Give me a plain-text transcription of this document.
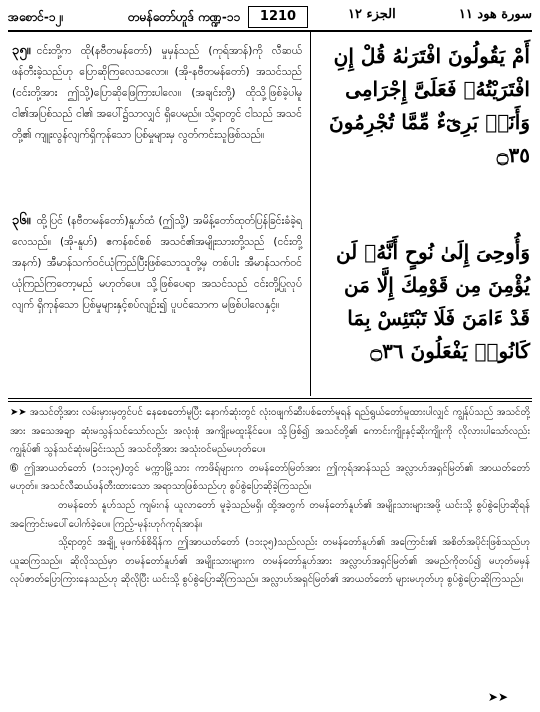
အစောင်-၁၂၊	တမန်တော်ဟူဒ် ကဏ္ဍ-၁၁	1210	الجزء ١٢	سورة هود ١١
၃၅။ ငင်းတို့က ထို(နဗီတမန်တော်) မှုမှန်သည် (ကုရ်အာန်)ကို လီဆယ်ဖန်တီးခဲ့သည်ဟု ပြောဆိုကြလေသလော။ (အို-နဗီတမန်တော်) အသင်သည် (ငင်းတို့အား ဤသို့)ပြောဆိုဖြေကြားပါလေ။ (အချင်းတို့) ထိုသို့ဖြစ်ခဲ့ပါမူ ငါ၏အပြစ်သည် ငါ၏ အပေါ်၌သာလျှင် ရှိပေမည်။ သို့ရာတွင် ငါသည် အသင်တို့၏ ကျူးလွန်လျက်ရှိကုန်သော ပြစ်မှုများမှ လွတ်ကင်းသူဖြစ်သည်။
၃၆။ ထို့ပြင် (နဗီတမန်တော်)နူဟ်ထံ (ဤသို့) အမိန့်တော်ထုတ်ပြန်ခြင်းခံခဲ့ရလေသည်။ (အို-နူဟ်) ဧကန်စင်စစ် အသင်၏အမျိုးသားတို့သည် (ငင်းတို့အနက်) အီမာန်သက်ဝင်ယုံကြည်ပြီးဖြစ်သောသူတို့မှ တစ်ပါး အီမာန်သက်ဝင်ယုံကြည်ကြတော့မည် မဟုတ်ပေ။ သို့ဖြစ်ပေရာ အသင်သည် ငင်းတို့ပြုလုပ်လျက် ရှိကုန်သော ပြစ်မှုများနှင့်စပ်လျဉ်း၍ ပူပင်သောက မဖြစ်ပါလေနှင့်။
أَمْ يَقُولُونَ افْتَرَىٰهُ قُلْ إِنِ افْتَرَيْتُهُۥ فَعَلَىَّ إِجْرَامِى وَأَنَا۠ بَرِىٓءٌ مِّمَّا تُجْرِمُونَ ۝٣٥
وَأُوحِىَ إِلَىٰ نُوحٍ أَنَّهُۥ لَن يُؤْمِنَ مِن قَوْمِكَ إِلَّا مَن قَدْ ءَامَنَ فَلَا تَبْتَئِسْ بِمَا كَانُوا۟ يَفْعَلُونَ ۝٣٦

➤➤ အသင်တို့အား လမ်းမှားမှတွင်ပင် နေစေတော်မူပြီး နောက်ဆုံးတွင် လုံးဝဖျက်ဆီးပစ်တော်မူရန် ရည်ရွယ်တော်မူထားပါလျှင် ကျွန်ုပ်သည် အသင်တို့အား အသေအချာ ဆုံးမသွန်သင်သော်လည်း အလုံးစုံ အကျိုးမထူးနိုင်ပေ။ သို့ဖြစ်၍ အသင်တို့၏ ကောင်းကျိုးနှင့်ဆိုးကျိုးကို လိုလားပါသော်လည်း ကျွန်ုပ်၏ သွန်သင်ဆုံးမခြင်းသည် အသင်တို့အား အသုံးဝင်မည်မဟုတ်ပေ။

➅ ဤအာယတ်တော် (၁၁း၃၅)တွင် မက္ကာမြို့သား ကာဖိရ်များက တမန်တော်မြတ်အား ဤကုရ်အာန်သည် အလ္လာဟ်အရှင်မြတ်၏ အာယတ်တော်မဟုတ်။ အသင်လီဆယ်ဖန်တီးထားသော အရာသာဖြစ်သည်ဟု စွပ်စွဲပြောဆိုခဲ့ကြသည်။

တမန်တော် နူဟ်သည် ကျမ်းဂန် ယူလာတော် မူခဲ့သည်မရှိ၊ ထို့အတွက် တမန်တော်နူဟ်၏ အမျိုးသားများအဖို့ ယင်းသို့ စွပ်စွဲပြောဆိုရန် အကြောင်းမပေါ်ပေါက်ခဲ့ပေ။ ကြည့်-မုန်းဟုဂ်ကုရ်အာန်။

သို့ရာတွင် အချို့ မုဖက်စ်စိရိန်က ဤအာယတ်တော် (၁၁း၃၅)သည်လည်း တမန်တော်နူဟ်၏ အကြောင်း၏ အစိတ်အပိုင်းဖြစ်သည်ဟု ယူဆကြသည်။ ဆိုလိုသည်မှာ တမန်တော်နူဟ်၏ အမျိုးသားများက တမန်တော်နူဟ်အား အလ္လာဟ်အရှင်မြတ်၏ အမည်ကိုတပ်၍ မဟုတ်မမှန်လုပ်ဇာတ်ပြောကြားနေသည်ဟု ဆိုလိုပြီး ယင်းသို့ စွပ်စွဲပြောဆိုကြသည်။ အလ္လာဟ်အရှင်မြတ်၏ အာယတ်တော် များမဟုတ်ဟု စွပ်စွဲပြောဆိုကြသည်။

➤➤
